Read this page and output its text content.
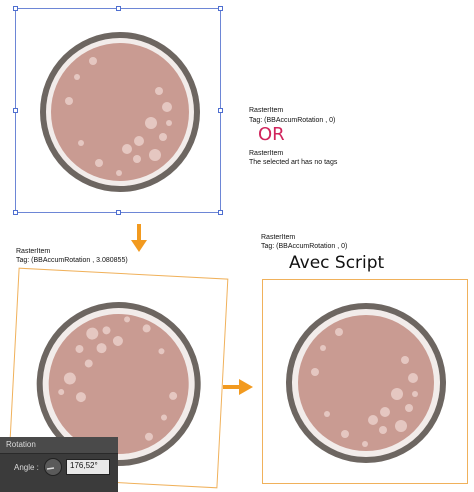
RasterItem
Tag: (BBAccumRotation , 0)
OR
RasterItem
The selected art has no tags
RasterItem
Tag: (BBAccumRotation , 3.080855)
RasterItem
Tag: (BBAccumRotation , 0)
Avec Script
Rotation
Angle :	176,52°
